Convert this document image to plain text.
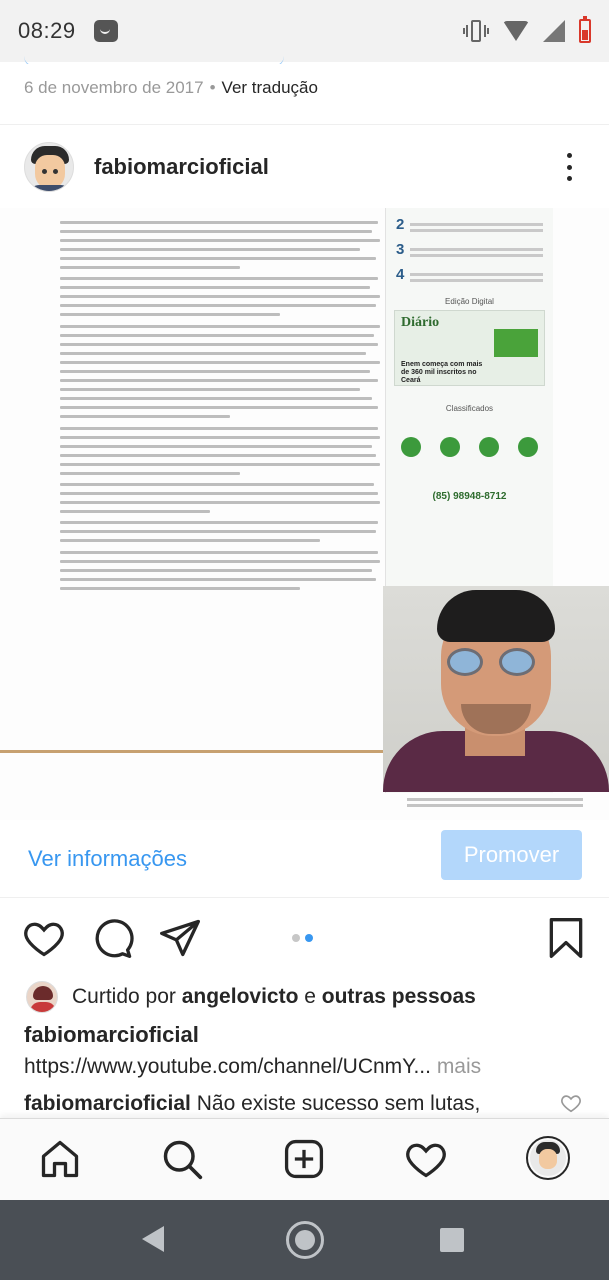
08:29
6 de novembro de 2017 • Ver tradução
fabiomarcioficial
2
3
4
Edição Digital
Diário
Enem começa com mais de 360 mil inscritos no Ceará
Classificados
(85) 98948-8712
Ver informações	Promover
Curtido por angelovicto e outras pessoas
fabiomarcioficial
https://www.youtube.com/channel/UCnmY... mais
fabiomarcioficial Não existe sucesso sem lutas,
